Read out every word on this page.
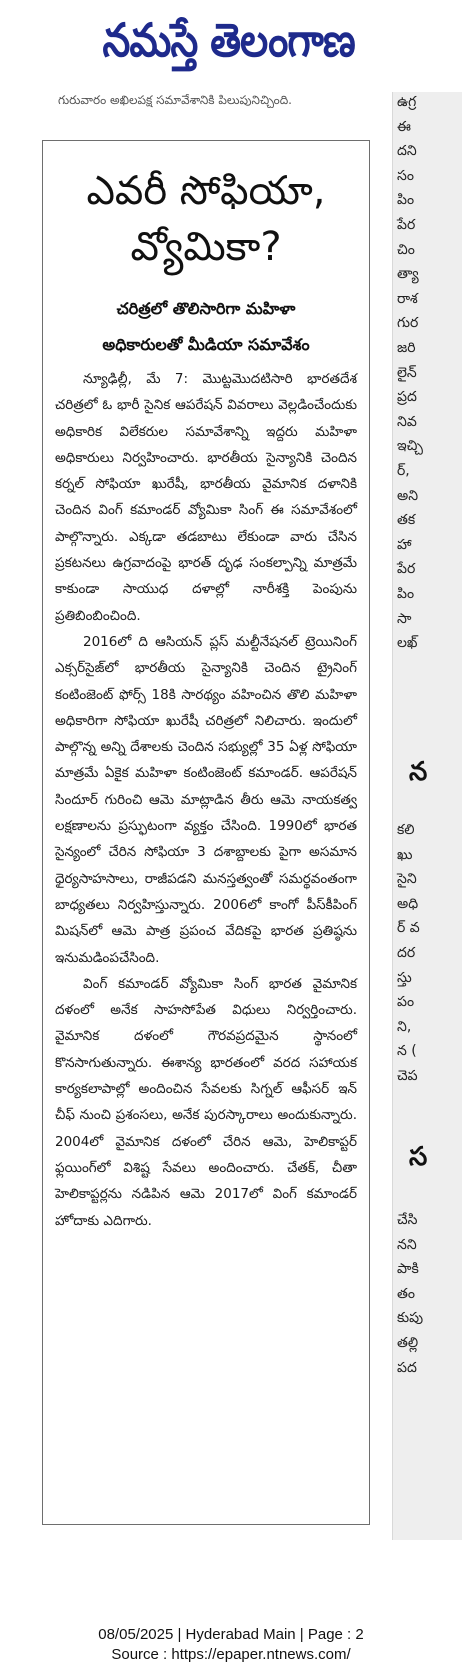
నమస్తే తెలంగాణ
గురువారం అఖిలపక్ష సమావేశానికి పిలుపునిచ్చింది.
ఎవరీ సోఫియా,
వ్యోమికా?
చరిత్రలో తొలిసారిగా మహిళా
అధికారులతో మీడియా సమావేశం

న్యూఢిల్లీ, మే 7: మొట్టమొదటిసారి భారతదేశ చరిత్రలో ఓ భారీ సైనిక ఆపరేషన్ వివరాలు వెల్లడించేందుకు అధికారిక విలేకరుల సమావేశాన్ని ఇద్దరు మహిళా అధికారులు నిర్వహించారు. భారతీయ సైన్యానికి చెందిన కర్నల్ సోఫియా ఖురేషీ, భారతీయ వైమానిక దళానికి చెందిన వింగ్ కమాండర్ వ్యోమికా సింగ్ ఈ సమావేశంలో పాల్గొన్నారు. ఎక్కడా తడబాటు లేకుండా వారు చేసిన ప్రకటనలు ఉగ్రవాదంపై భారత్ దృఢ సంకల్పాన్ని మాత్రమే కాకుండా సాయుధ దళాల్లో నారీశక్తి పెంపును ప్రతిబింబించింది.

2016లో ది ఆసియన్ ప్లస్ మల్టీనేషనల్ ట్రెయినింగ్ ఎక్సర్‌సైజ్‌లో భారతీయ సైన్యానికి చెందిన ట్రైనింగ్ కంటింజెంట్ ఫోర్స్ 18కి సారథ్యం వహించిన తొలి మహిళా అధికారిగా సోఫియా ఖురేషీ చరిత్రలో నిలిచారు. ఇందులో పాల్గొన్న అన్ని దేశాలకు చెందిన సభ్యుల్లో 35 ఏళ్ల సోఫియా మాత్రమే ఏకైక మహిళా కంటింజెంట్ కమాండర్. ఆపరేషన్ సిందూర్ గురించి ఆమె మాట్లాడిన తీరు ఆమె నాయకత్వ లక్షణాలను ప్రస్ఫుటంగా వ్యక్తం చేసింది. 1990లో భారత సైన్యంలో చేరిన సోఫియా 3 దశాబ్దాలకు పైగా అసమాన ధైర్యసాహసాలు, రాజీపడని మనస్తత్వంతో సమర్థవంతంగా బాధ్యతలు నిర్వహిస్తున్నారు. 2006లో కాంగో పీస్‌కీపింగ్ మిషన్‌లో ఆమె పాత్ర ప్రపంచ వేదికపై భారత ప్రతిష్ఠను ఇనుమడింపచేసింది.

వింగ్ కమాండర్ వ్యోమికా సింగ్ భారత వైమానిక దళంలో అనేక సాహసోపేత విధులు నిర్వర్తించారు. వైమానిక దళంలో గౌరవప్రదమైన స్థానంలో కొనసాగుతున్నారు. ఈశాన్య భారతంలో వరద సహాయక కార్యకలాపాల్లో అందించిన సేవలకు సిగ్నల్ ఆఫీసర్ ఇన్ చీఫ్ నుంచి ప్రశంసలు, అనేక పురస్కారాలు అందుకున్నారు. 2004లో వైమానిక దళంలో చేరిన ఆమె, హెలికాప్టర్ ఫ్లయింగ్‌లో విశిష్ట సేవలు అందించారు. చేతక్, చీతా హెలికాప్టర్లను నడిపిన ఆమె 2017లో వింగ్ కమాండర్ హోదాకు ఎదిగారు.

ఉగ్ర
ఈ
దని
సం
పిం
పేర
చిం
త్యా
రాశ
గుర
జరి
లైన్
ప్రద
నివ
ఇచ్చి
ర్,
అని
తక
హా
పేర
పిం
సా
లఖ్
న
కలి
ఖు
సైని
అధి
ర్ వ
దర
స్తు
పం
ని,
న (
చెప
స
చేసి
నని
పాకి
తం
కుపు
తల్లి
పద
08/05/2025 | Hyderabad Main | Page : 2
Source : https://epaper.ntnews.com/
